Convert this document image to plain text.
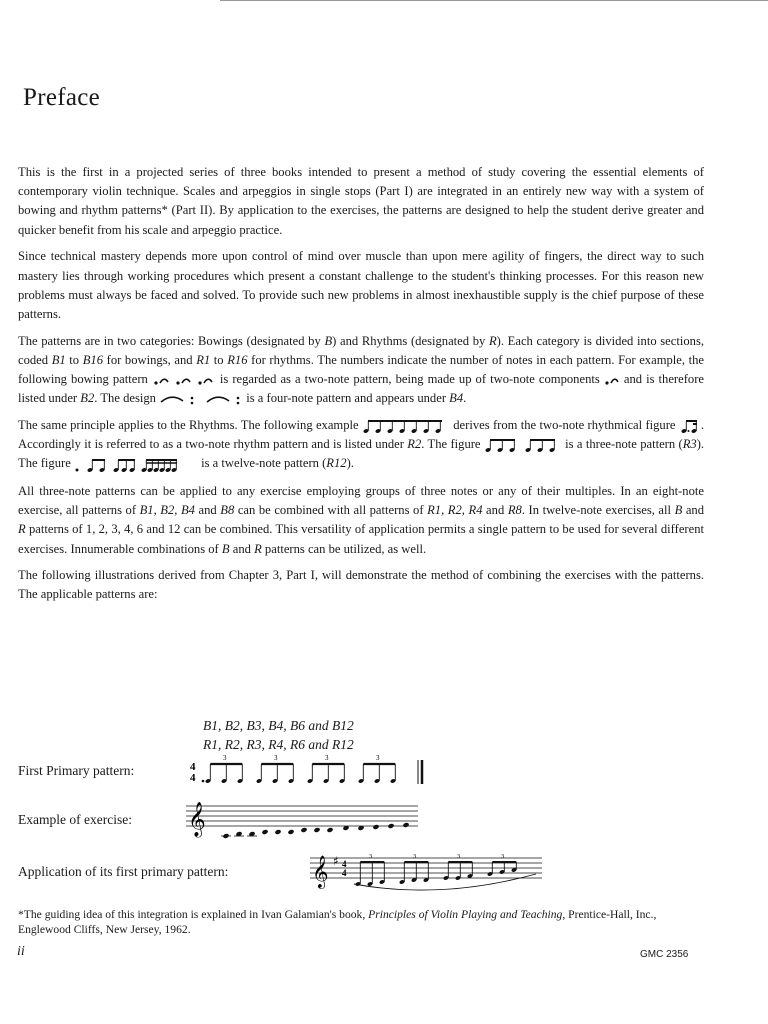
Preface

This is the first in a projected series of three books intended to present a method of study covering the essential elements of contemporary violin technique. Scales and arpeggios in single stops (Part I) are integrated in an entirely new way with a system of bowing and rhythm patterns* (Part II). By application to the exercises, the patterns are designed to help the student derive greater and quicker benefit from his scale and arpeggio practice.

Since technical mastery depends more upon control of mind over muscle than upon mere agility of fingers, the direct way to such mastery lies through working procedures which present a constant challenge to the student's thinking processes. For this reason new problems must always be faced and solved. To provide such new problems in almost inexhaustible supply is the chief purpose of these patterns.

The patterns are in two categories: Bowings (designated by B) and Rhythms (designated by R). Each category is divided into sections, coded B1 to B16 for bowings, and R1 to R16 for rhythms. The numbers indicate the number of notes in each pattern. For example, the following bowing pattern	is regarded as a two-note pattern, being made up of two-note components  and is therefore listed under B2. The design	is a four-note pattern and appears under B4.

The same principle applies to the Rhythms. The following example	derives from the two-note rhythmical figure . Accordingly it is referred to as a two-note rhythm pattern and is listed under R2. The figure	is a three-note pattern (R3). The figure	is a twelve-note pattern (R12).

All three-note patterns can be applied to any exercise employing groups of three notes or any of their multiples. In an eight-note exercise, all patterns of B1, B2, B4 and B8 can be combined with all patterns of R1, R2, R4 and R8. In twelve-note exercises, all B and R patterns of 1, 2, 3, 4, 6 and 12 can be combined. This versatility of application permits a single pattern to be used for several different exercises. Innumerable combinations of B and R patterns can be utilized, as well.

The following illustrations derived from Chapter 3, Part I, will demonstrate the method of combining the exercises with the patterns. The applicable patterns are:

B1, B2, B3, B4, B6 and B12
R1, R2, R3, R4, R6 and R12
First Primary pattern:	4
4
3	3	3	3
Example of exercise: 𝄞
Application of its first primary pattern:	𝄞 ♯ 4
4
3	3	3	3
*The guiding idea of this integration is explained in Ivan Galamian's book, Principles of Violin Playing and Teaching, Prentice-Hall, Inc., Englewood Cliffs, New Jersey, 1962.
ii	GMC 2356
